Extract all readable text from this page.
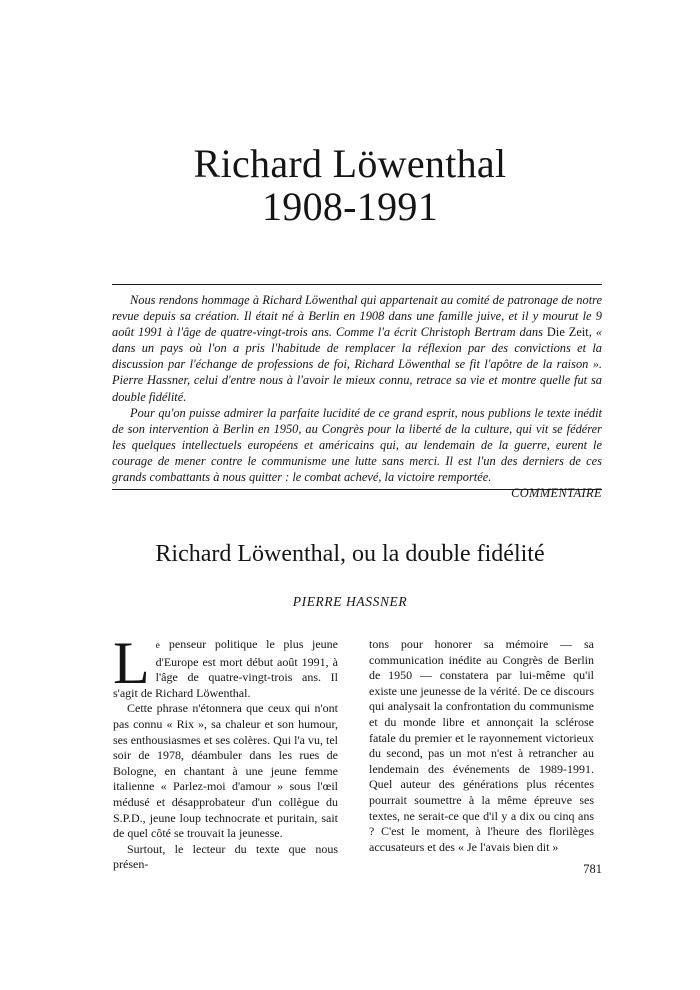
Richard Löwenthal
1908-1991

Nous rendons hommage à Richard Löwenthal qui appartenait au comité de patronage de notre revue depuis sa création. Il était né à Berlin en 1908 dans une famille juive, et il y mourut le 9 août 1991 à l'âge de quatre-vingt-trois ans. Comme l'a écrit Christoph Bertram dans Die Zeit, « dans un pays où l'on a pris l'habitude de remplacer la réflexion par des convictions et la discussion par l'échange de professions de foi, Richard Löwenthal se fit l'apôtre de la raison ». Pierre Hassner, celui d'entre nous à l'avoir le mieux connu, retrace sa vie et montre quelle fut sa double fidélité.

Pour qu'on puisse admirer la parfaite lucidité de ce grand esprit, nous publions le texte inédit de son intervention à Berlin en 1950, au Congrès pour la liberté de la culture, qui vit se fédérer les quelques intellectuels européens et américains qui, au lendemain de la guerre, eurent le courage de mener contre le communisme une lutte sans merci. Il est l'un des derniers de ces grands combattants à nous quitter : le combat achevé, la victoire remportée.

COMMENTAIRE
Richard Löwenthal, ou la double fidélité
PIERRE HASSNER

Le penseur politique le plus jeune d'Europe est mort début août 1991, à l'âge de quatre-vingt-trois ans. Il s'agit de Richard Löwenthal.

Cette phrase n'étonnera que ceux qui n'ont pas connu « Rix », sa chaleur et son humour, ses enthousiasmes et ses colères. Qui l'a vu, tel soir de 1978, déambuler dans les rues de Bologne, en chantant à une jeune femme italienne « Parlez-moi d'amour » sous l'œil médusé et désapprobateur d'un collègue du S.P.D., jeune loup technocrate et puritain, sait de quel côté se trouvait la jeunesse.

Surtout, le lecteur du texte que nous présen-

tons pour honorer sa mémoire — sa communication inédite au Congrès de Berlin de 1950 — constatera par lui-même qu'il existe une jeunesse de la vérité. De ce discours qui analysait la confrontation du communisme et du monde libre et annonçait la sclérose fatale du premier et le rayonnement victorieux du second, pas un mot n'est à retrancher au lendemain des événements de 1989-1991. Quel auteur des générations plus récentes pourrait soumettre à la même épreuve ses textes, ne serait-ce que d'il y a dix ou cinq ans ? C'est le moment, à l'heure des florilèges accusateurs et des « Je l'avais bien dit »

781
